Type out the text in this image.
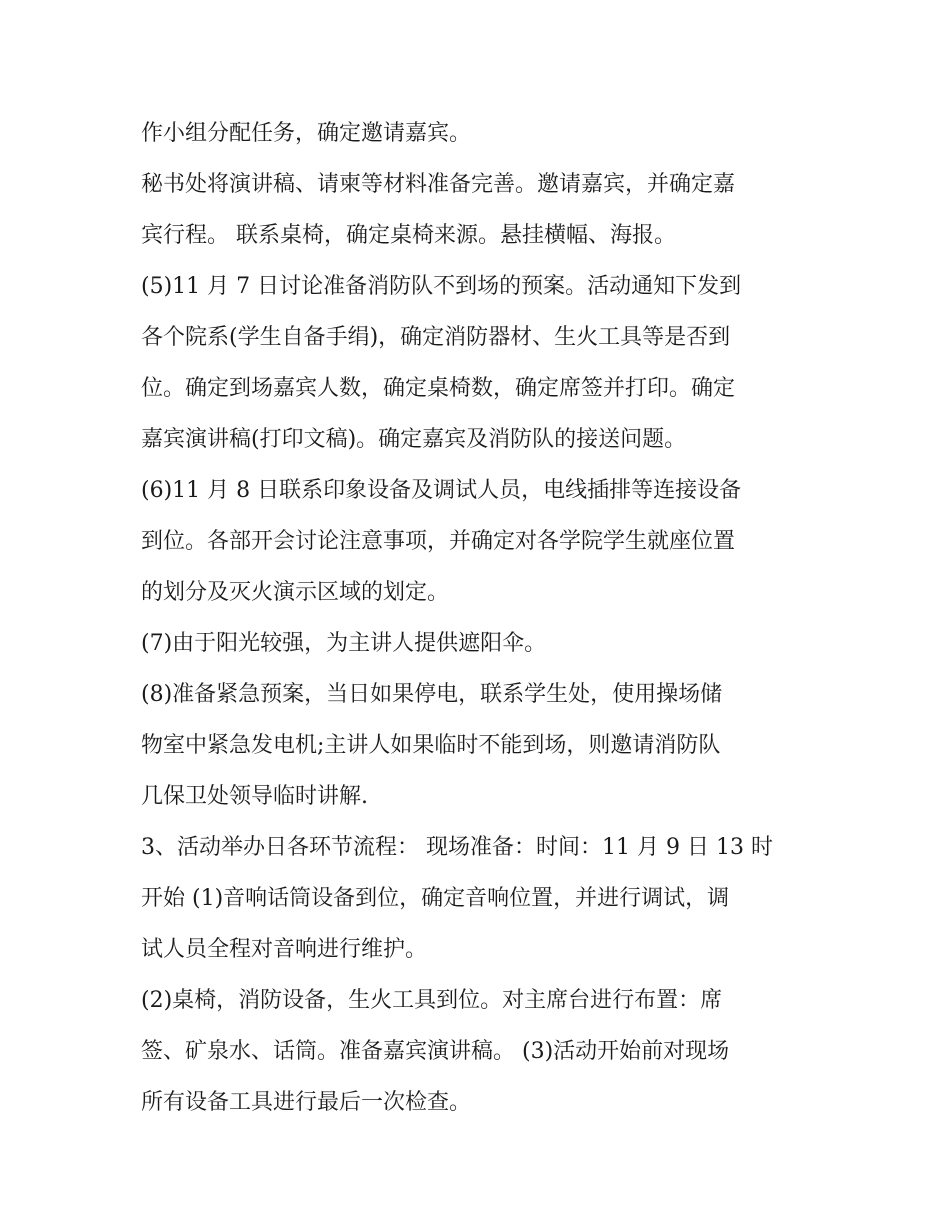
作小组分配任务，确定邀请嘉宾。
秘书处将演讲稿、请柬等材料准备完善。邀请嘉宾，并确定嘉
宾行程。 联系桌椅，确定桌椅来源。悬挂横幅、海报。
(5)11 月 7 日讨论准备消防队不到场的预案。活动通知下发到
各个院系(学生自备手绢)，确定消防器材、生火工具等是否到
位。确定到场嘉宾人数，确定桌椅数，确定席签并打印。确定
嘉宾演讲稿(打印文稿)。确定嘉宾及消防队的接送问题。
(6)11 月 8 日联系印象设备及调试人员，电线插排等连接设备
到位。各部开会讨论注意事项，并确定对各学院学生就座位置
的划分及灭火演示区域的划定。
(7)由于阳光较强，为主讲人提供遮阳伞。
(8)准备紧急预案，当日如果停电，联系学生处，使用操场储
物室中紧急发电机;主讲人如果临时不能到场，则邀请消防队
几保卫处领导临时讲解.
3、活动举办日各环节流程： 现场准备：时间：11 月 9 日 13 时
开始 (1)音响话筒设备到位，确定音响位置，并进行调试，调
试人员全程对音响进行维护。
(2)桌椅，消防设备，生火工具到位。对主席台进行布置：席
签、矿泉水、话筒。准备嘉宾演讲稿。 (3)活动开始前对现场
所有设备工具进行最后一次检查。
